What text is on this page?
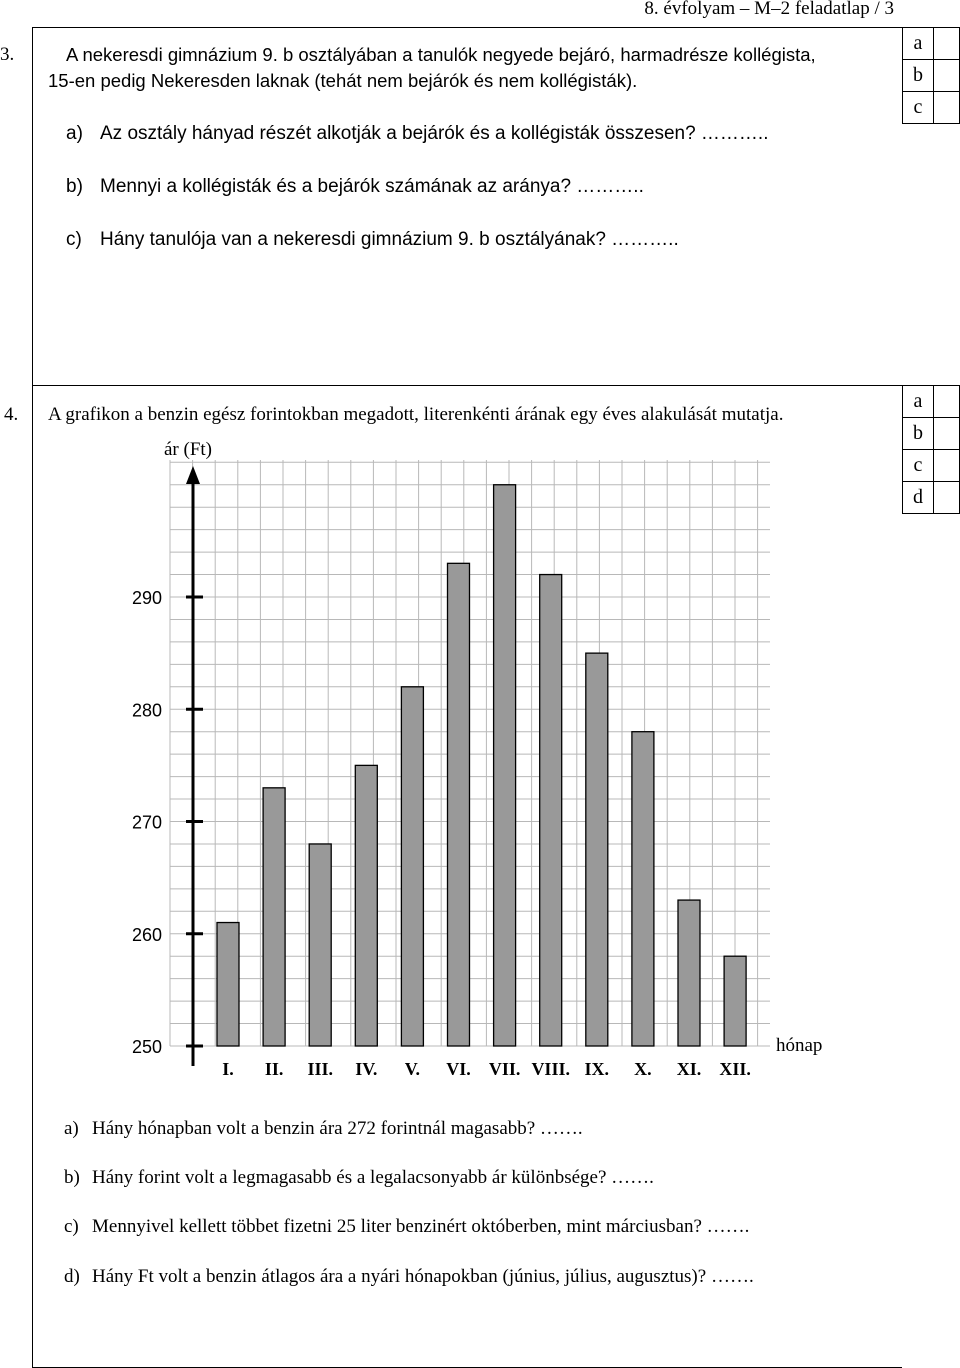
8. évfolyam – M–2 feladatlap / 3
a
b
c
3.	A nekeresdi gimnázium 9. b osztályában a tanulók negyede bejáró, harmadrésze kollégista,
15-en pedig Nekeresden laknak (tehát nem bejárók és nem kollégisták).
a) Az osztály hányad részét alkotják a bejárók és a kollégisták összesen? ………..
b) Mennyi a kollégisták és a bejárók számának az aránya? ………..
c) Hány tanulója van a nekeresdi gimnázium 9. b osztályának? ………..
a
b
c
d
4. A grafikon a benzin egész forintokban megadott, literenkénti árának egy éves alakulását mutatja.
250
260
270
280
290
I. II. III. IV. V. VI. VII. VIII. IX. X. XI. XII.
ár (Ft)
hónap
a) Hány hónapban volt a benzin ára 272 forintnál magasabb? …….
b) Hány forint volt a legmagasabb és a legalacsonyabb ár különbsége? …….
c) Mennyivel kellett többet fizetni 25 liter benzinért októberben, mint márciusban? …….
d) Hány Ft volt a benzin átlagos ára a nyári hónapokban (június, július, augusztus)? …….
